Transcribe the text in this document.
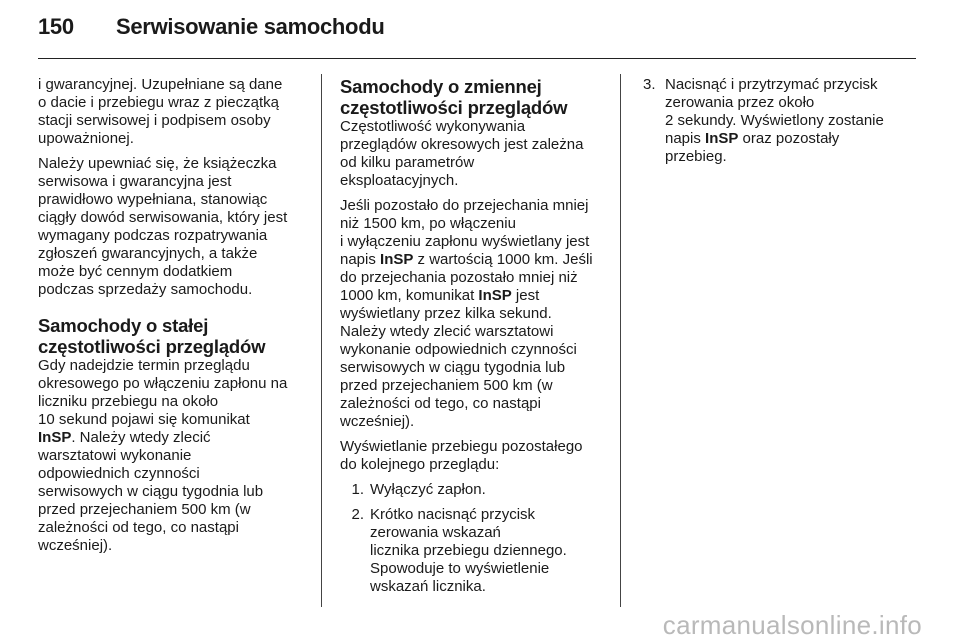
150 Serwisowanie samochodu

i gwarancyjnej. Uzupełniane są dane
o dacie i przebiegu wraz z pieczątką
stacji serwisowej i podpisem osoby
upoważnionej.

Należy upewniać się, że książeczka
serwisowa i gwarancyjna jest
prawidłowo wypełniana, stanowiąc
ciągły dowód serwisowania, który jest
wymagany podczas rozpatrywania
zgłoszeń gwarancyjnych, a także
może być cennym dodatkiem
podczas sprzedaży samochodu.

Samochody o stałej
częstotliwości przeglądów

Gdy nadejdzie termin przeglądu
okresowego po włączeniu zapłonu na
liczniku przebiegu na około
10 sekund pojawi się komunikat
InSP. Należy wtedy zlecić
warsztatowi wykonanie
odpowiednich czynności
serwisowych w ciągu tygodnia lub
przed przejechaniem 500 km (w
zależności od tego, co nastąpi
wcześniej).

Samochody o zmiennej
częstotliwości przeglądów

Częstotliwość wykonywania
przeglądów okresowych jest zależna
od kilku parametrów
eksploatacyjnych.

Jeśli pozostało do przejechania mniej
niż 1500 km, po włączeniu
i wyłączeniu zapłonu wyświetlany jest
napis InSP z wartością 1000 km. Jeśli
do przejechania pozostało mniej niż
1000 km, komunikat InSP jest
wyświetlany przez kilka sekund.
Należy wtedy zlecić warsztatowi
wykonanie odpowiednich czynności
serwisowych w ciągu tygodnia lub
przed przejechaniem 500 km (w
zależności od tego, co nastąpi
wcześniej).

Wyświetlanie przebiegu pozostałego
do kolejnego przeglądu:

1. Wyłączyć zapłon.
2. Krótko nacisnąć przycisk
zerowania wskazań
licznika przebiegu dziennego.
Spowoduje to wyświetlenie
wskazań licznika.
3. Nacisnąć i przytrzymać przycisk
zerowania przez około
2 sekundy. Wyświetlony zostanie
napis InSP oraz pozostały
przebieg.
carmanualsonline.info
